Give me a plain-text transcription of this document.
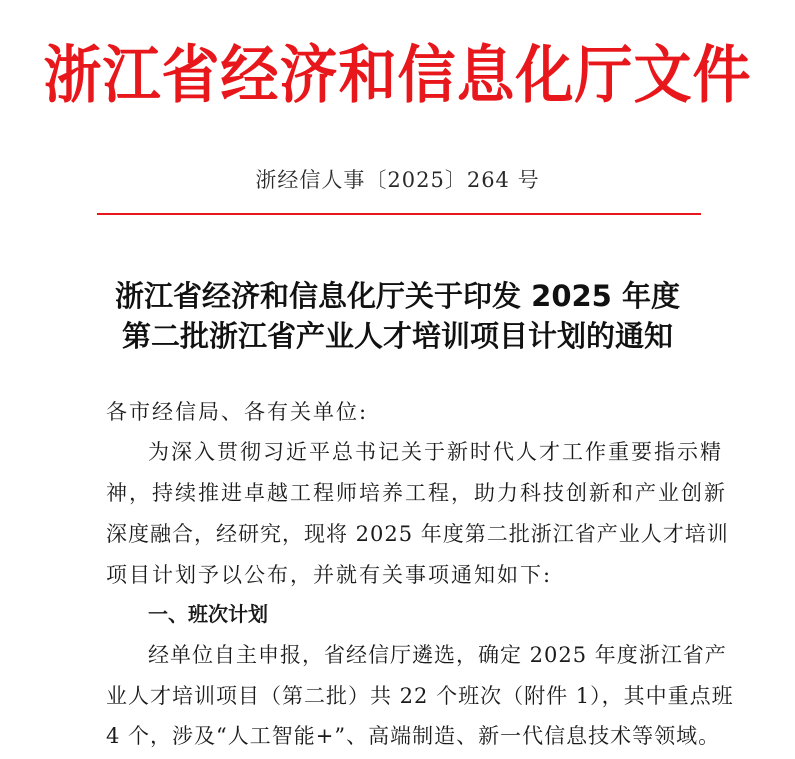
浙江省经济和信息化厅文件
浙经信人事〔2025〕264 号
浙江省经济和信息化厅关于印发 2025 年度
第二批浙江省产业人才培训项目计划的通知
各市经信局、各有关单位:
为深入贯彻习近平总书记关于新时代人才工作重要指示精
神，持续推进卓越工程师培养工程，助力科技创新和产业创新
深度融合，经研究，现将 2025 年度第二批浙江省产业人才培训
项目计划予以公布，并就有关事项通知如下:
一、班次计划
经单位自主申报，省经信厅遴选，确定 2025 年度浙江省产
业人才培训项目（第二批）共 22 个班次（附件 1），其中重点班
4 个，涉及“人工智能+”、高端制造、新一代信息技术等领域。
